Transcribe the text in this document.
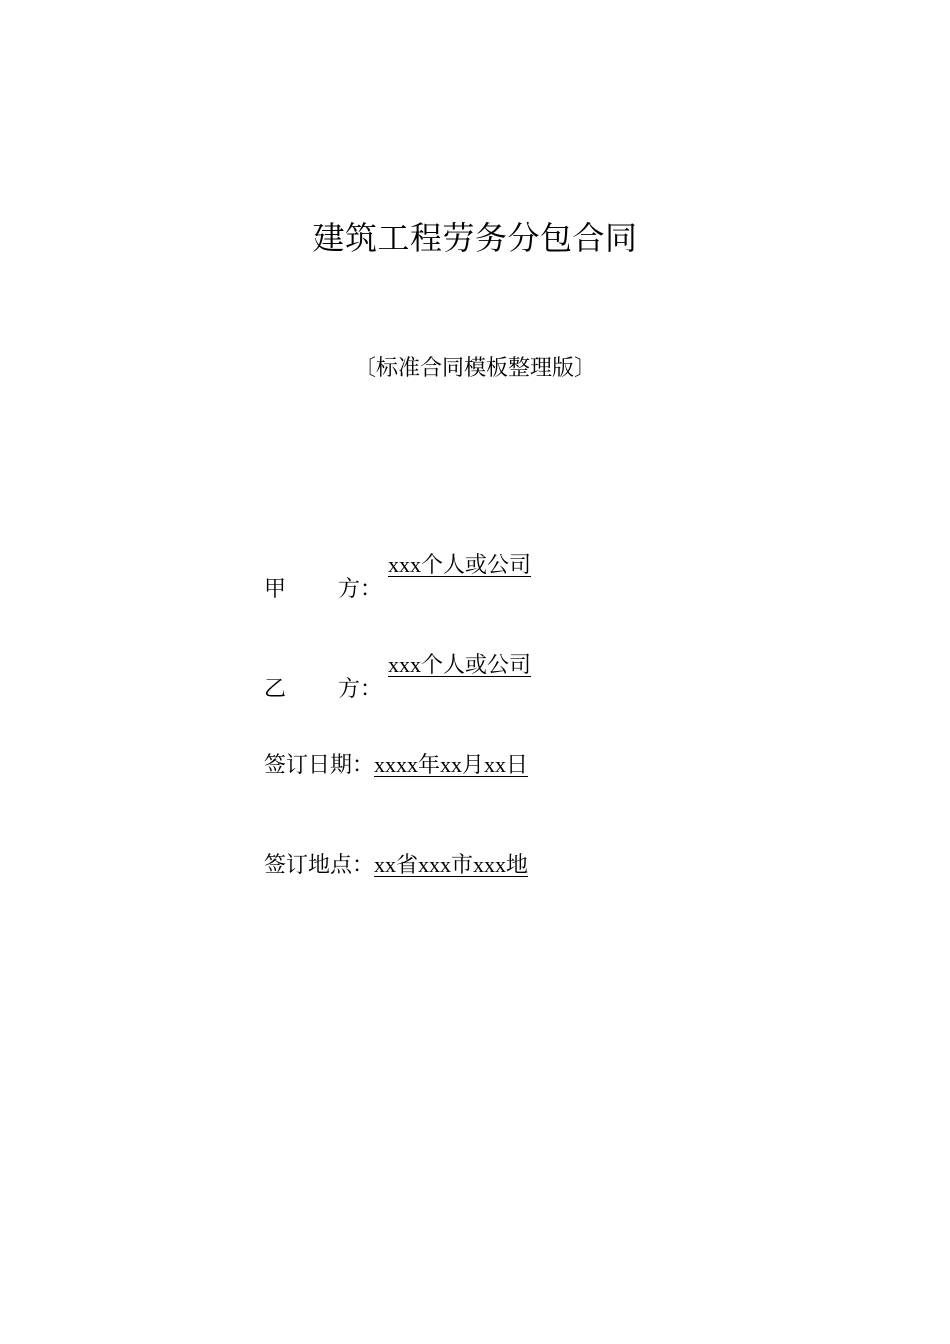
建筑工程劳务分包合同
〔标准合同模板整理版〕
甲 方 ：
xxx个人或公司
乙 方 ：
xxx个人或公司
签订日期：xxxx年xx月xx日
签订地点：xx省xxx市xxx地
